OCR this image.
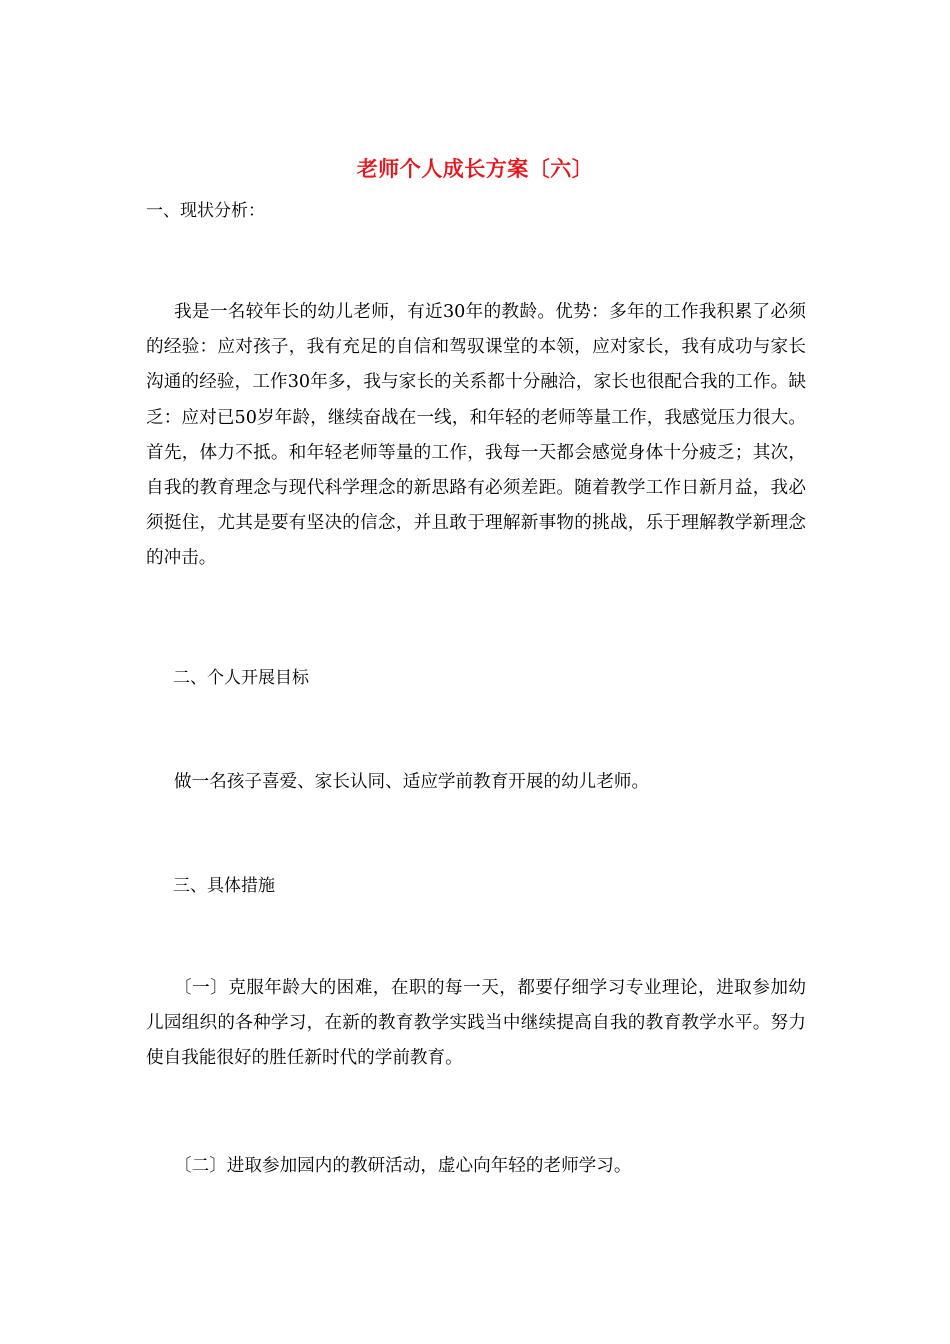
老师个人成长方案〔六〕
一、现状分析：

我是一名较年长的幼儿老师，有近30年的教龄。优势：多年的工作我积累了必须的经验：应对孩子，我有充足的自信和驾驭课堂的本领，应对家长，我有成功与家长沟通的经验，工作30年多，我与家长的关系都十分融洽，家长也很配合我的工作。缺乏：应对已50岁年龄，继续奋战在一线，和年轻的老师等量工作，我感觉压力很大。首先，体力不抵。和年轻老师等量的工作，我每一天都会感觉身体十分疲乏；其次，自我的教育理念与现代科学理念的新思路有必须差距。随着教学工作日新月益，我必须挺住，尤其是要有坚决的信念，并且敢于理解新事物的挑战，乐于理解教学新理念的冲击。

二、个人开展目标

做一名孩子喜爱、家长认同、适应学前教育开展的幼儿老师。

三、具体措施

〔一〕克服年龄大的困难，在职的每一天，都要仔细学习专业理论，进取参加幼儿园组织的各种学习，在新的教育教学实践当中继续提高自我的教育教学水平。努力使自我能很好的胜任新时代的学前教育。

〔二〕进取参加园内的教研活动，虚心向年轻的老师学习。
